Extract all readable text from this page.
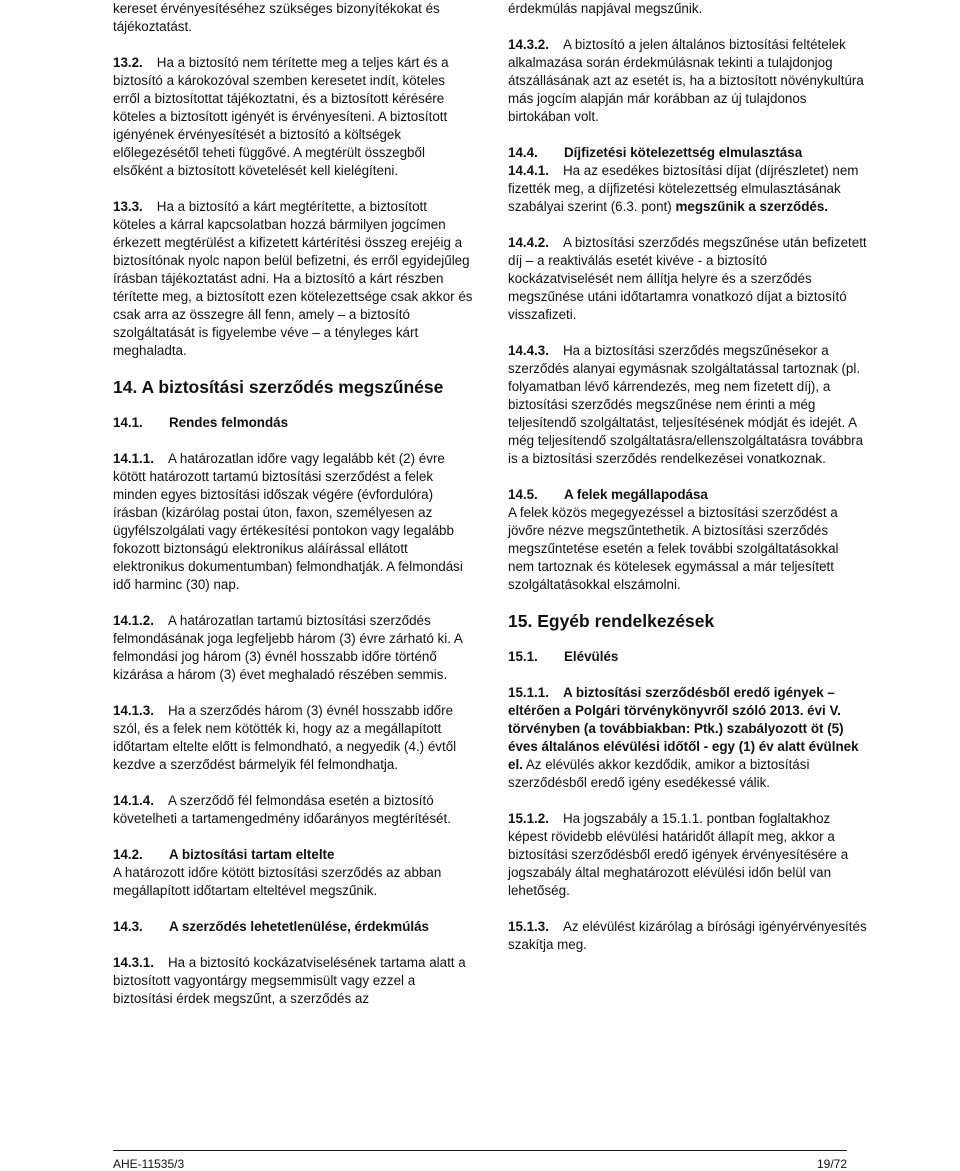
kereset érvényesítéséhez szükséges bizonyítékokat és tájékoztatást.

13.2. Ha a biztosító nem térítette meg a teljes kárt és a biztosító a károkozóval szemben keresetet indít, köteles erről a biztosítottat tájékoztatni, és a biztosított kérésére köteles a biztosított igényét is érvényesíteni. A biztosított igényének érvényesítését a biztosító a költségek előlegezésétől teheti függővé. A megtérült összegből elsőként a biztosított követelését kell kielégíteni.

13.3. Ha a biztosító a kárt megtérítette, a biztosított köteles a kárral kapcsolatban hozzá bármilyen jogcímen érkezett megtérülést a kifizetett kártérítési összeg erejéig a biztosítónak nyolc napon belül befizetni, és erről egyidejűleg írásban tájékoztatást adni. Ha a biztosító a kárt részben térítette meg, a biztosított ezen kötelezettsége csak akkor és csak arra az összegre áll fenn, amely – a biztosító szolgáltatását is figyelembe véve – a tényleges kárt meghaladta.

14. A biztosítási szerződés megszűnése

14.1. Rendes felmondás

14.1.1. A határozatlan időre vagy legalább két (2) évre kötött határozott tartamú biztosítási szerződést a felek minden egyes biztosítási időszak végére (évfordulóra) írásban (kizárólag postai úton, faxon, személyesen az ügyfélszolgálati vagy értékesítési pontokon vagy legalább fokozott biztonságú elektronikus aláírással ellátott elektronikus dokumentumban) felmondhatják. A felmondási idő harminc (30) nap.

14.1.2. A határozatlan tartamú biztosítási szerződés felmondásának joga legfeljebb három (3) évre zárható ki. A felmondási jog három (3) évnél hosszabb időre történő kizárása a három (3) évet meghaladó részében semmis.

14.1.3. Ha a szerződés három (3) évnél hosszabb időre szól, és a felek nem kötötték ki, hogy az a megállapított időtartam eltelte előtt is felmondható, a negyedik (4.) évtől kezdve a szerződést bármelyik fél felmondhatja.

14.1.4. A szerződő fél felmondása esetén a biztosító követelheti a tartamengedmény időarányos megtérítését.

14.2. A biztosítási tartam eltelte

A határozott időre kötött biztosítási szerződés az abban megállapított időtartam elteltével megszűnik.

14.3. A szerződés lehetetlenülése, érdekmúlás

14.3.1. Ha a biztosító kockázatviselésének tartama alatt a biztosított vagyontárgy megsemmisült vagy ezzel a biztosítási érdek megszűnt, a szerződés az

érdekmúlás napjával megszűnik.

14.3.2. A biztosító a jelen általános biztosítási feltételek alkalmazása során érdekmúlásnak tekinti a tulajdonjog átszállásának azt az esetét is, ha a biztosított növénykultúra más jogcím alapján már korábban az új tulajdonos birtokában volt.

14.4. Díjfizetési kötelezettség elmulasztása

14.4.1. Ha az esedékes biztosítási díjat (díjrészletet) nem fizették meg, a díjfizetési kötelezettség elmulasztásának szabályai szerint (6.3. pont) megszűnik a szerződés.

14.4.2. A biztosítási szerződés megszűnése után befizetett díj – a reaktiválás esetét kivéve - a biztosító kockázatviselését nem állítja helyre és a szerződés megszűnése utáni időtartamra vonatkozó díjat a biztosító visszafizeti.

14.4.3. Ha a biztosítási szerződés megszűnésekor a szerződés alanyai egymásnak szolgáltatással tartoznak (pl. folyamatban lévő kárrendezés, meg nem fizetett díj), a biztosítási szerződés megszűnése nem érinti a még teljesítendő szolgáltatást, teljesítésének módját és idejét. A még teljesítendő szolgáltatásra/ellenszolgáltatásra továbbra is a biztosítási szerződés rendelkezései vonatkoznak.

14.5. A felek megállapodása

A felek közös megegyezéssel a biztosítási szerződést a jövőre nézve megszűntethetik. A biztosítási szerződés megszűntetése esetén a felek további szolgáltatásokkal nem tartoznak és kötelesek egymással a már teljesített szolgáltatásokkal elszámolni.

15. Egyéb rendelkezések

15.1. Elévülés

15.1.1. A biztosítási szerződésből eredő igények – eltérően a Polgári törvénykönyvről szóló 2013. évi V. törvényben (a továbbiakban: Ptk.) szabályozott öt (5) éves általános elévülési időtől - egy (1) év alatt évülnek el. Az elévülés akkor kezdődik, amikor a biztosítási szerződésből eredő igény esedékessé válik.

15.1.2. Ha jogszabály a 15.1.1. pontban foglaltakhoz képest rövidebb elévülési határidőt állapít meg, akkor a biztosítási szerződésből eredő igények érvényesítésére a jogszabály által meghatározott elévülési időn belül van lehetőség.

15.1.3. Az elévülést kizárólag a bírósági igényérvényesítés szakítja meg.

AHE-11535/3	19/72
